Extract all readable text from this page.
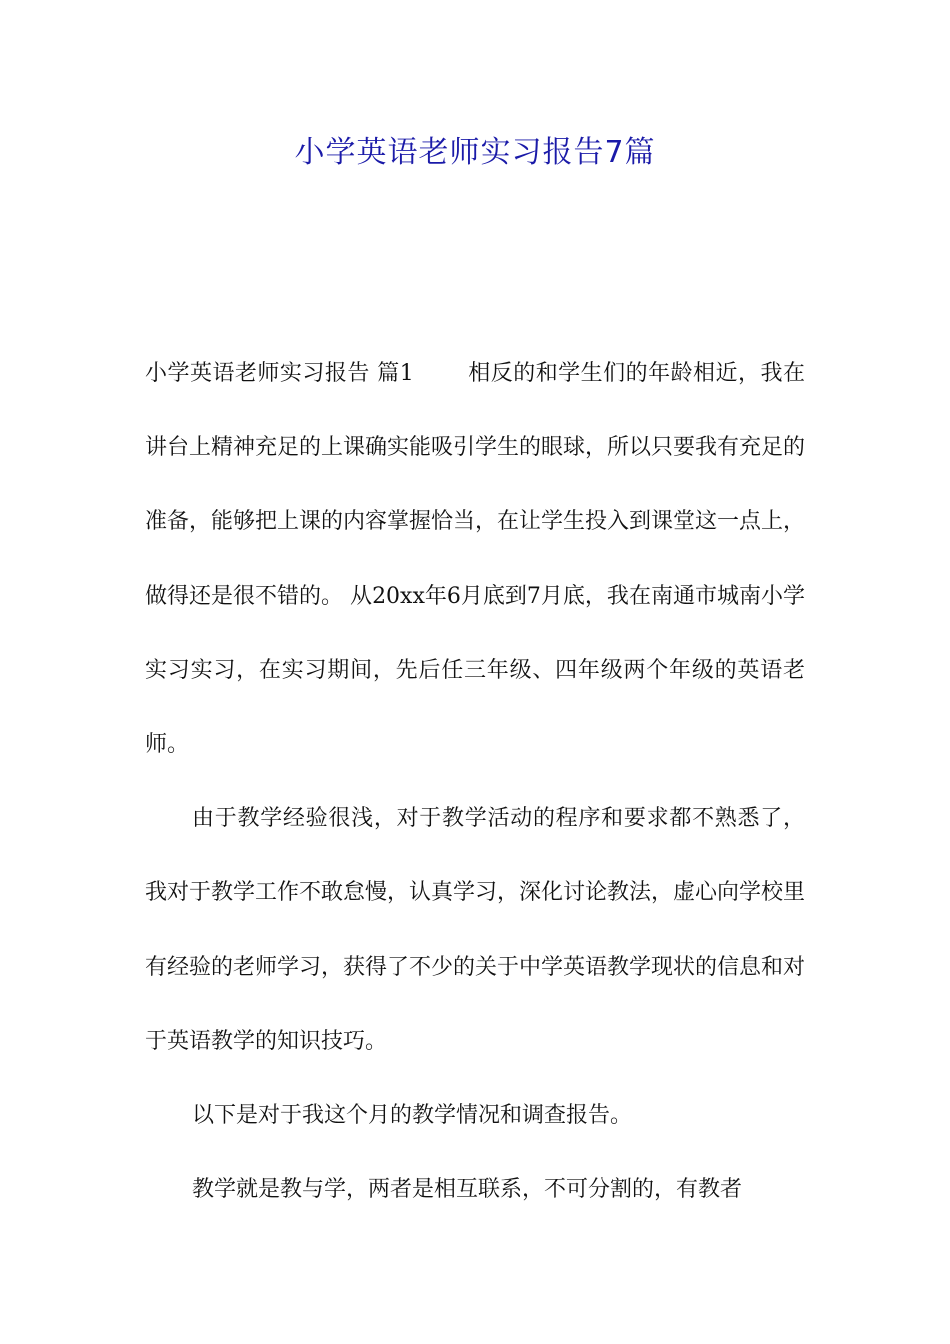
小学英语老师实习报告7篇

小学英语老师实习报告 篇1 相反的和学生们的年龄相近，我在讲台上精神充足的上课确实能吸引学生的眼球，所以只要我有充足的准备，能够把上课的内容掌握恰当，在让学生投入到课堂这一点上，做得还是很不错的。 从20xx年6月底到7月底，我在南通市城南小学实习实习，在实习期间，先后任三年级、四年级两个年级的英语老师。

由于教学经验很浅，对于教学活动的程序和要求都不熟悉了，我对于教学工作不敢怠慢，认真学习，深化讨论教法，虚心向学校里有经验的老师学习，获得了不少的关于中学英语教学现状的信息和对于英语教学的知识技巧。

以下是对于我这个月的教学情况和调查报告。

教学就是教与学，两者是相互联系，不可分割的，有教者
